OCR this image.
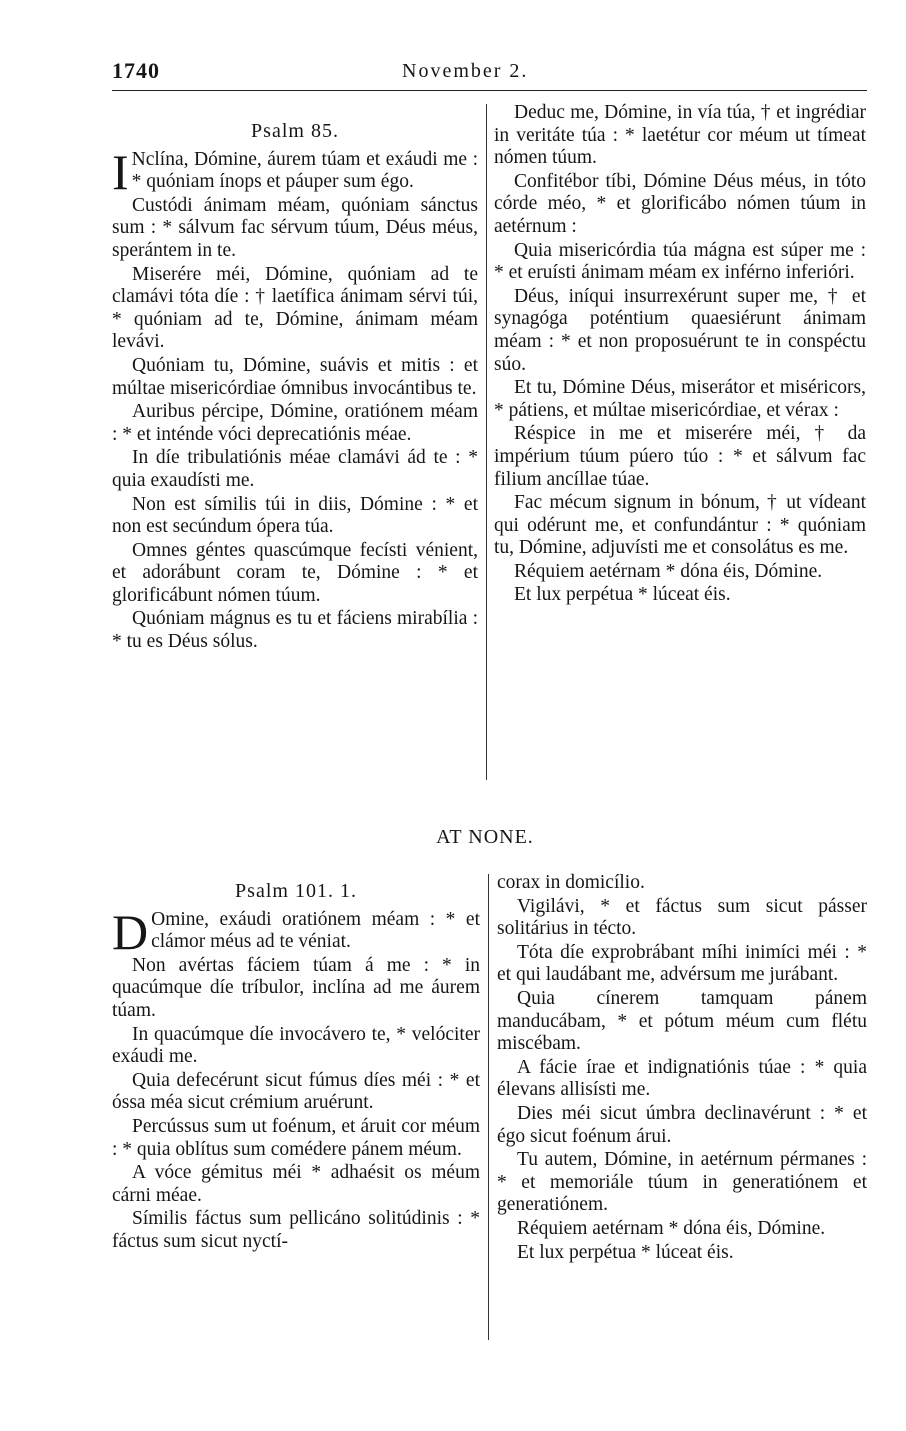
1740	November 2.
Psalm 85.

I Nclína, Dómine, áurem túam et exáudi me : * quóniam ínops et páuper sum égo.

Custódi ánimam méam, quóniam sánctus sum : * sálvum fac sérvum túum, Déus méus, sperántem in te.

Miserére méi, Dómine, quóniam ad te clamávi tóta díe : † laetífica ánimam sérvi túi, * quóniam ad te, Dómine, ánimam méam levávi.

Quóniam tu, Dómine, suávis et mitis : et múltae misericórdiae ómnibus invocántibus te.

Auribus pércipe, Dómine, oratiónem méam : * et inténde vóci deprecatiónis méae.

In díe tribulatiónis méae clamávi ád te : * quia exaudísti me.

Non est símilis túi in diis, Dómine : * et non est secúndum ópera túa.

Omnes géntes quascúmque fecísti vénient, et adorábunt coram te, Dómine : * et glorificábunt nómen túum.

Quóniam mágnus es tu et fáciens mirabília : * tu es Déus sólus.

Deduc me, Dómine, in vía túa, † et ingrédiar in veritáte túa : * laetétur cor méum ut tímeat nómen túum.

Confitébor tíbi, Dómine Déus méus, in tóto córde méo, * et glorificábo nómen túum in aetérnum :

Quia misericórdia túa mágna est súper me : * et eruísti ánimam méam ex inférno inferióri.

Déus, iníqui insurrexérunt super me, † et synagóga poténtium quaesiérunt ánimam méam : * et non proposuérunt te in conspéctu súo.

Et tu, Dómine Déus, miserátor et miséricors, * pátiens, et múltae misericórdiae, et vérax :

Réspice in me et miserére méi, † da impérium túum púero túo : * et sálvum fac filium ancíllae túae.

Fac mécum signum in bónum, † ut vídeant qui odérunt me, et confundántur : * quóniam tu, Dómine, adjuvísti me et consolátus es me.

Réquiem aetérnam * dóna éis, Dómine.

Et lux perpétua * lúceat éis.

AT NONE.
Psalm 101. 1.

D Omine, exáudi oratiónem méam : * et clámor méus ad te véniat.

Non avértas fáciem túam á me : * in quacúmque díe tríbulor, inclína ad me áurem túam.

In quacúmque díe invocávero te, * velóciter exáudi me.

Quia defecérunt sicut fúmus díes méi : * et óssa méa sicut crémium aruérunt.

Percússus sum ut foénum, et áruit cor méum : * quia oblítus sum comédere pánem méum.

A vóce gémitus méi * adhaésit os méum cárni méae.

Símilis fáctus sum pellicáno solitúdinis : * fáctus sum sicut nyctí-

corax in domicílio.

Vigilávi, * et fáctus sum sicut pásser solitárius in técto.

Tóta díe exprobrábant míhi inimíci méi : * et qui laudábant me, advérsum me jurábant.

Quia cínerem tamquam pánem manducábam, * et pótum méum cum flétu miscébam.

A fácie írae et indignatiónis túae : * quia élevans allisísti me.

Dies méi sicut úmbra declinavérunt : * et égo sicut foénum árui.

Tu autem, Dómine, in aetérnum pérmanes : * et memoriále túum in generatiónem et generatiónem.

Réquiem aetérnam * dóna éis, Dómine.

Et lux perpétua * lúceat éis.
